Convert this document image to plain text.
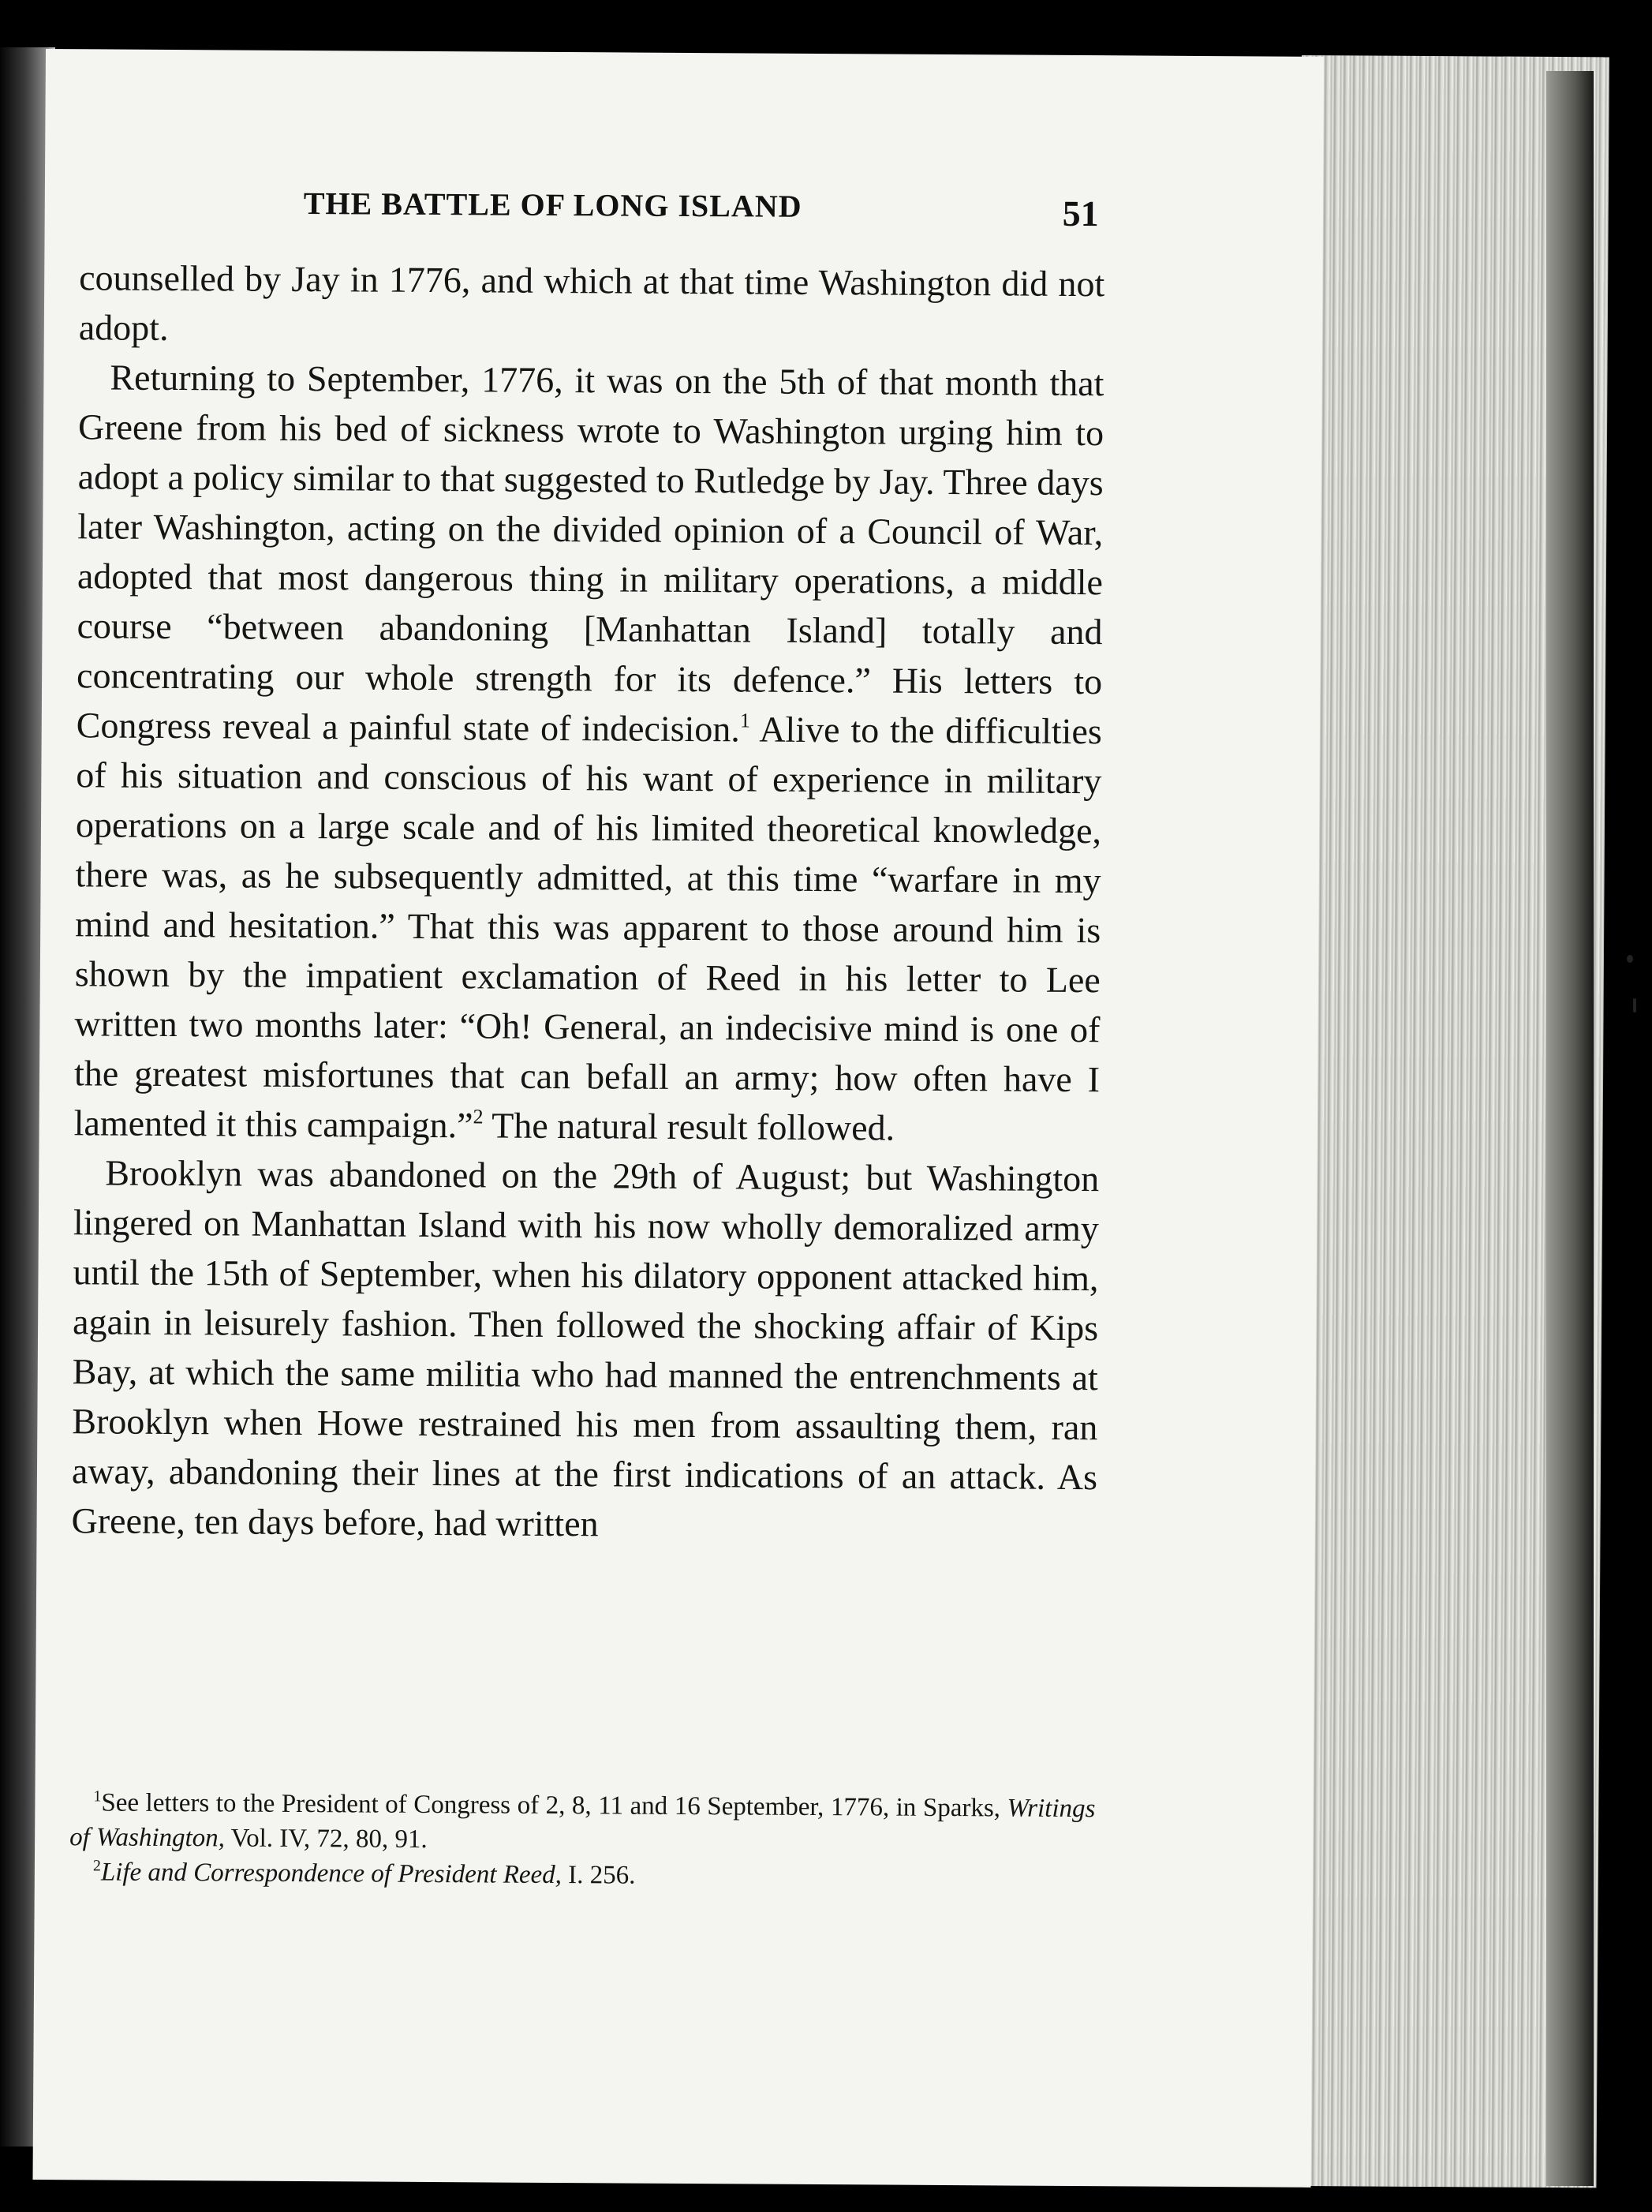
THE BATTLE OF LONG ISLAND	51

counselled by Jay in 1776, and which at that time Washington did not adopt.

Returning to September, 1776, it was on the 5th of that month that Greene from his bed of sickness wrote to Washington urging him to adopt a policy similar to that suggested to Rutledge by Jay. Three days later Washington, acting on the divided opinion of a Council of War, adopted that most dangerous thing in military operations, a middle course “between abandoning [Manhattan Island] totally and concentrating our whole strength for its defence.” His letters to Congress reveal a painful state of indecision.$^1$ Alive to the difficulties of his situation and conscious of his want of experience in military operations on a large scale and of his limited theoretical knowledge, there was, as he subsequently admitted, at this time “warfare in my mind and hesitation.” That this was apparent to those around him is shown by the impatient exclamation of Reed in his letter to Lee written two months later: “Oh! General, an indecisive mind is one of the greatest misfortunes that can befall an army; how often have I lamented it this campaign.”$^2$ The natural result followed.

Brooklyn was abandoned on the 29th of August; but Washington lingered on Manhattan Island with his now wholly demoralized army until the 15th of September, when his dilatory opponent attacked him, again in leisurely fashion. Then followed the shocking affair of Kips Bay, at which the same militia who had manned the entrenchments at Brooklyn when Howe restrained his men from assaulting them, ran away, abandoning their lines at the first indications of an attack. As Greene, ten days before, had written

$^1$See letters to the President of Congress of 2, 8, 11 and 16 September, 1776, in Sparks, Writings of Washington, Vol. IV, 72, 80, 91.

$^2$Life and Correspondence of President Reed, I. 256.
